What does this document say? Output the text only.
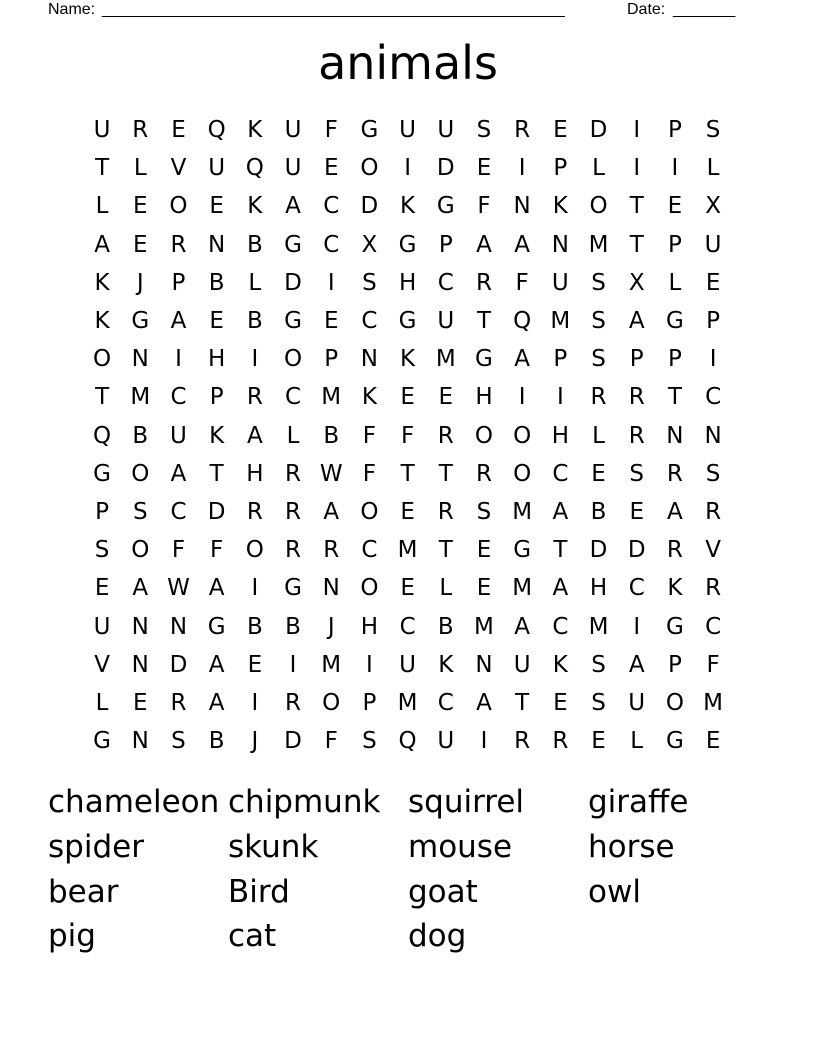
Name: ____________________________________________________	Date: _______
animals
U R E Q K U	F G U U S R E D	I	P	S
T	L	V U Q U E O	I	D E	I	P	L	I	I	L
L	E O E	K A C D K G F N K O T	E	X
A	E R N B G C X G P	A A N M T	P U
K	J	P	B	L D	I	S H C R	F	U S	X	L	E
K G A	E	B G E C G U T Q M S	A G P
O N	I	H	I	O P N K M G A	P	S	P	P	I
T M C	P	R C M K	E	E H	I	I	R R	T	C
Q B U K A	L	B	F	F	R O O H	L	R N N
G O A	T H R W F	T	T	R O C E	S R S
P	S C D R R A O E R S M A B	E	A R
S O F	F O R R C M T	E G T D D R V
E	A W A	I	G N O E	L	E M A H C K R
U N N G B B	J	H C B M A C M	I	G C
V N D A	E	I	M	I	U K N U K	S	A	P	F
L	E R A	I	R O P M C A	T	E	S U O M
G N S	B	J	D F	S Q U	I	R R E	L G E
chameleon chipmunk squirrel	giraffe
spider	skunk	mouse	horse
bear	Bird	goat	owl
pig	cat	dog
